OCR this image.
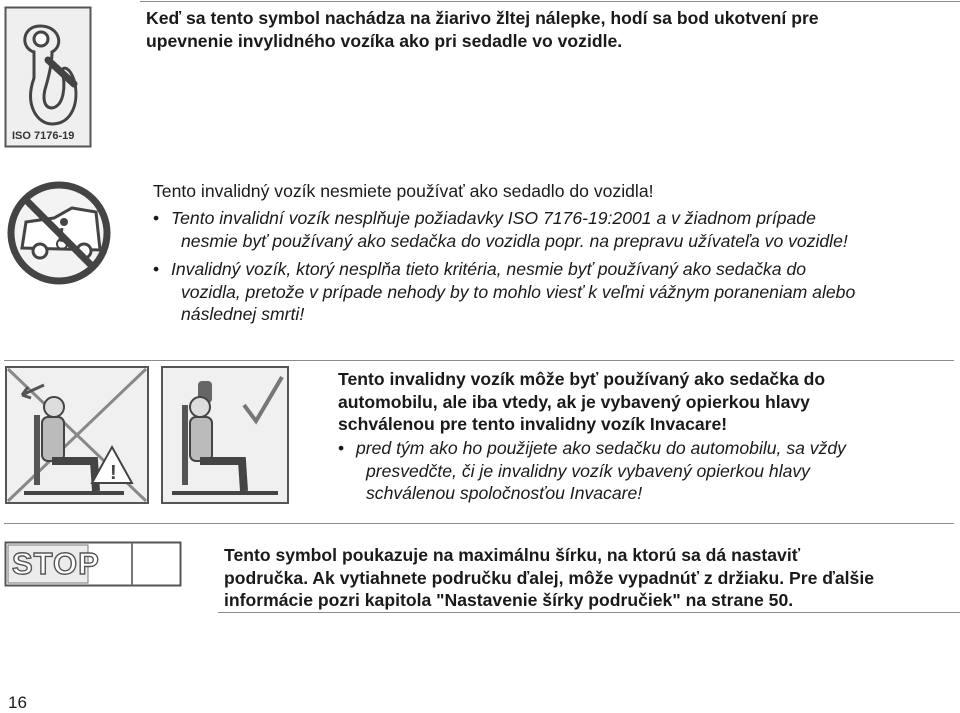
ISO 7176-19
Keď sa tento symbol nachádza na žiarivo žltej nálepke, hodí sa bod ukotvení pre
upevnenie invylidného vozíka ako pri sedadle vo vozidle.
Tento invalidný vozík nesmiete používať ako sedadlo do vozidla!
• Tento invalidní vozík nesplňuje požiadavky ISO 7176-19:2001 a v žiadnom prípade
nesmie byť používaný ako sedačka do vozidla popr. na prepravu užívateľa vo vozidle!
• Invalidný vozík, ktorý nesplňa tieto kritéria, nesmie byť používaný ako sedačka do
vozidla, pretože v prípade nehody by to mohlo viesť k veľmi vážnym poraneniam alebo
následnej smrti!
!
Tento invalidny vozík môže byť používaný ako sedačka do
automobilu, ale iba vtedy, ak je vybavený opierkou hlavy
schválenou pre tento invalidny vozík Invacare!
• pred tým ako ho použijete ako sedačku do automobilu, sa vždy
presvedčte, či je invalidny vozík vybavený opierkou hlavy
schválenou spoločnosťou Invacare!
STOP	Tento symbol poukazuje na maximálnu šírku, na ktorú sa dá nastaviť
područka. Ak vytiahnete područku ďalej, môže vypadnúť z držiaku. Pre ďalšie
informácie pozri kapitola "Nastavenie šírky područiek" na strane 50.
16
